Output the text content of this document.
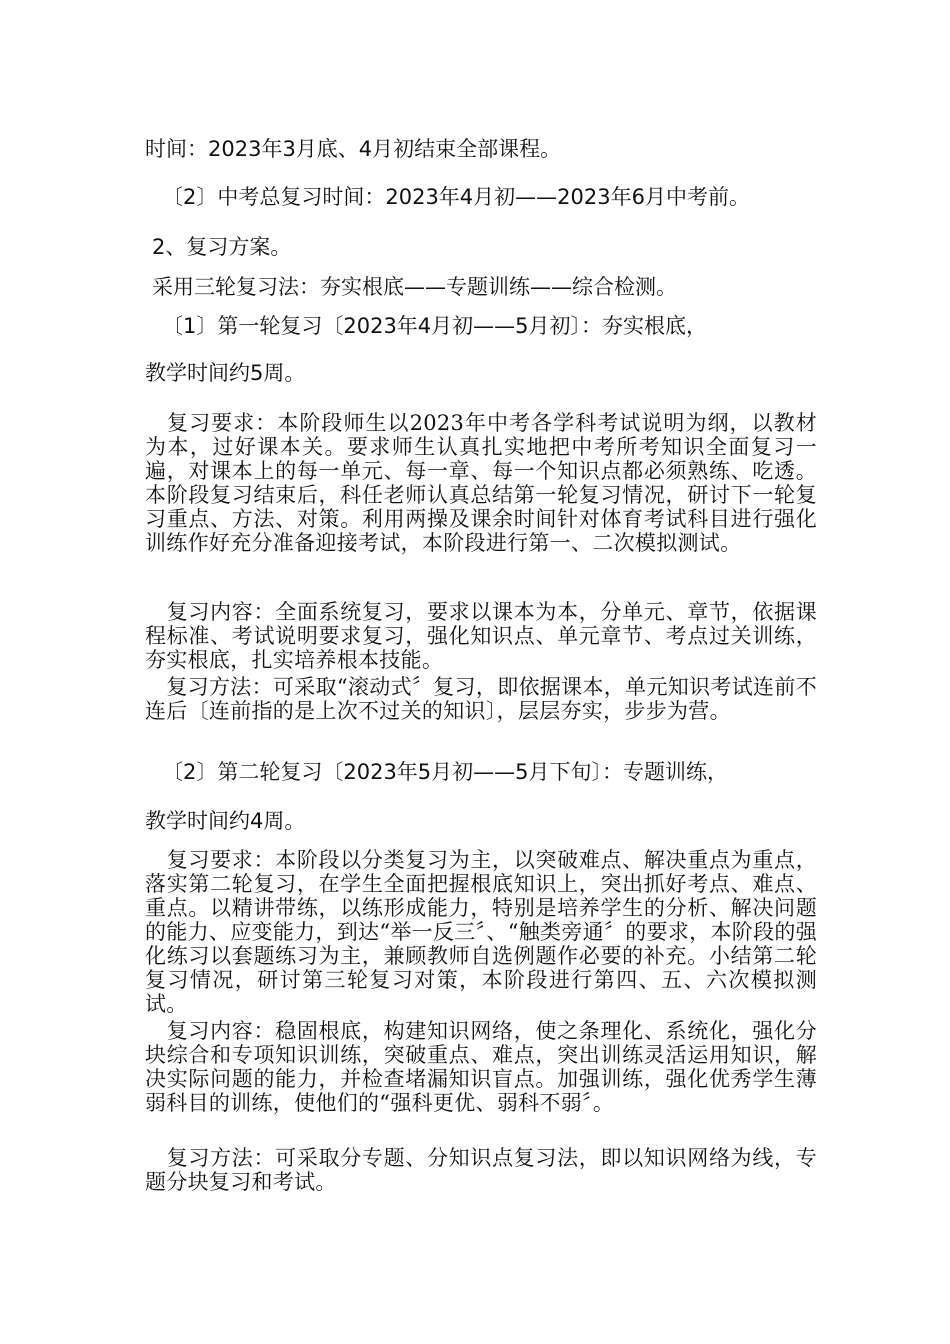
时间：2023年3月底、4月初结束全部课程。

〔2〕中考总复习时间：2023年4月初——2023年6月中考前。

2、复习方案。

采用三轮复习法：夯实根底——专题训练——综合检测。

〔1〕第一轮复习〔2023年4月初——5月初〕：夯实根底，

教学时间约5周。

　复习要求：本阶段师生以2023年中考各学科考试说明为纲，以教材为本，过好课本关。要求师生认真扎实地把中考所考知识全面复习一遍，对课本上的每一单元、每一章、每一个知识点都必须熟练、吃透。本阶段复习结束后，科任老师认真总结第一轮复习情况，研讨下一轮复习重点、方法、对策。利用两操及课余时间针对体育考试科目进行强化训练作好充分准备迎接考试，本阶段进行第一、二次模拟测试。

　复习内容：全面系统复习，要求以课本为本，分单元、章节，依据课程标准、考试说明要求复习，强化知识点、单元章节、考点过关训练，夯实根底，扎实培养根本技能。

　复习方法：可采取“滚动式〞复习，即依据课本，单元知识考试连前不连后〔连前指的是上次不过关的知识〕，层层夯实，步步为营。

〔2〕第二轮复习〔2023年5月初——5月下旬〕：专题训练，

教学时间约4周。

　复习要求：本阶段以分类复习为主，以突破难点、解决重点为重点，落实第二轮复习，在学生全面把握根底知识上，突出抓好考点、难点、重点。以精讲带练，以练形成能力，特别是培养学生的分析、解决问题的能力、应变能力，到达“举一反三〞、“触类旁通〞的要求，本阶段的强化练习以套题练习为主，兼顾教师自选例题作必要的补充。小结第二轮复习情况，研讨第三轮复习对策，本阶段进行第四、五、六次模拟测试。

　复习内容：稳固根底，构建知识网络，使之条理化、系统化，强化分块综合和专项知识训练，突破重点、难点，突出训练灵活运用知识，解决实际问题的能力，并检查堵漏知识盲点。加强训练，强化优秀学生薄弱科目的训练，使他们的“强科更优、弱科不弱〞。

　复习方法：可采取分专题、分知识点复习法，即以知识网络为线，专题分块复习和考试。
